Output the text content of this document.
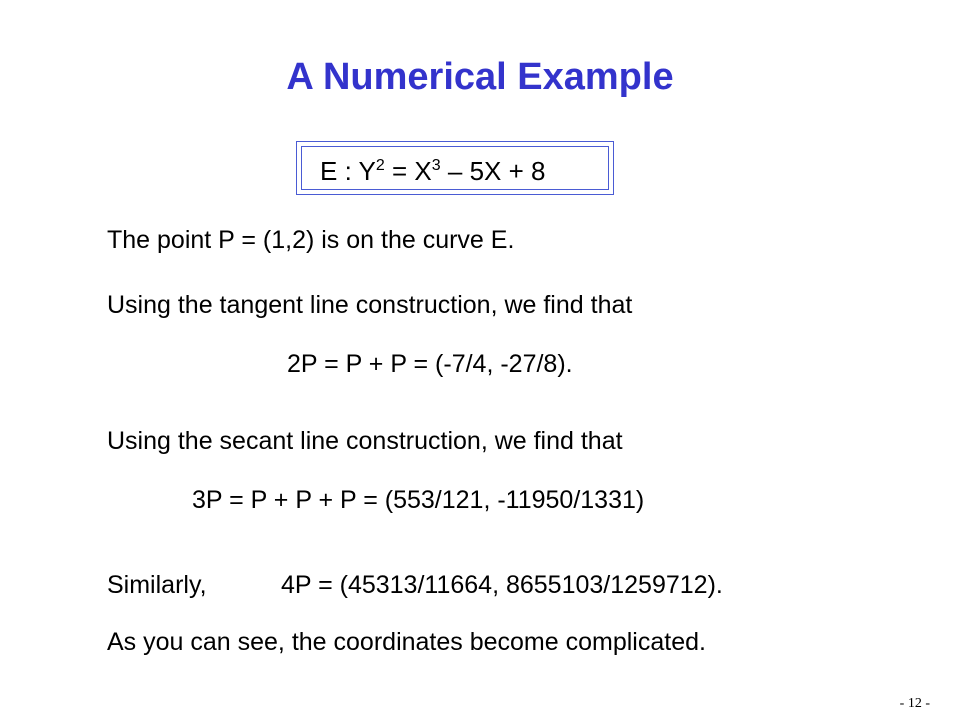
A Numerical Example
E : $Y^2 = X^3 - 5X + 8$
The point P = (1,2) is on the curve E.
Using the tangent line construction, we find that
2P = P + P = (-7/4, -27/8).
Using the secant line construction, we find that
3P = P + P + P = (553/121, -11950/1331)
Similarly,	4P = (45313/11664, 8655103/1259712).
As you can see, the coordinates become complicated.
- 12 -
